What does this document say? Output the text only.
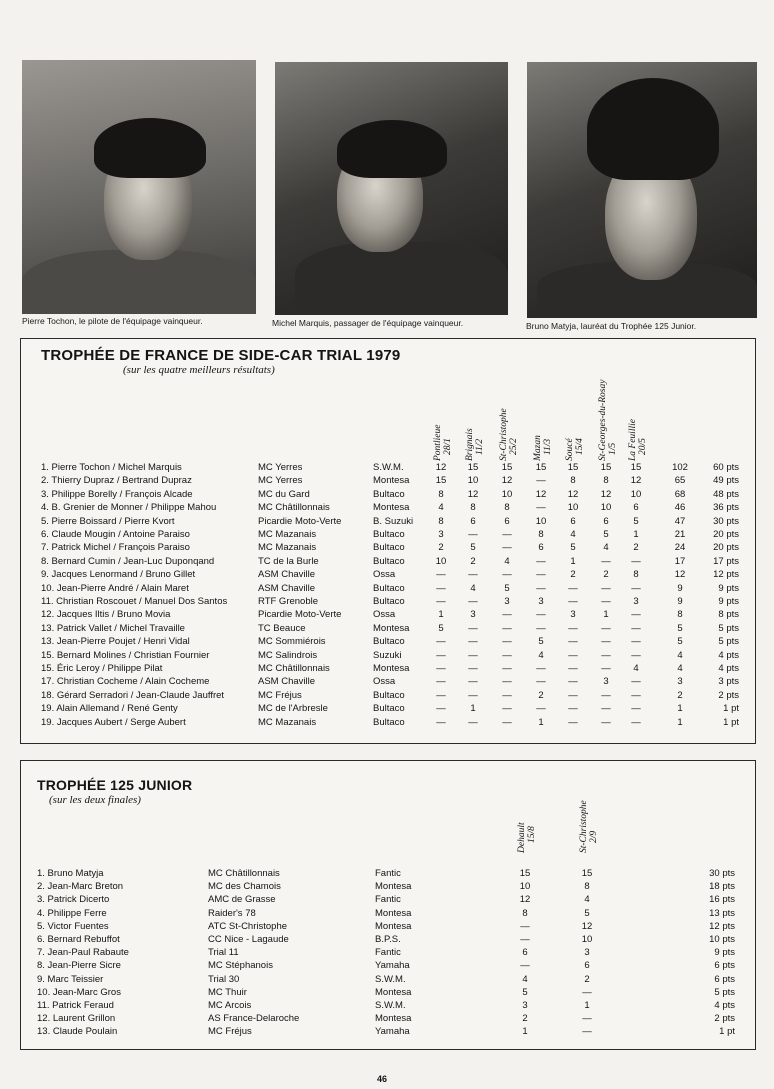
Pierre Tochon, le pilote de l'équipage vainqueur.	Michel Marquis, passager de l'équipage vainqueur.	Bruno Matyja, lauréat du Trophée 125 Junior.
TROPHÉE DE FRANCE DE SIDE-CAR TRIAL 1979
(sur les quatre meilleurs résultats)
Pontlieue 28/1 Brignais 11/2 St-Christophe 25/2 Mazan 11/3 Soucé 15/4 St-Georges-du-Rosay 1/5 La Feuillie 20/5
1. Pierre Tochon / Michel Marquis	MC Yerres	S.W.M.	12	15	15	15	15	15	15	102	60 pts
2. Thierry Dupraz / Bertrand Dupraz	MC Yerres	Montesa	15	10	12	—	8	8	12	65	49 pts
3. Philippe Borelly / François Alcade	MC du Gard	Bultaco	8	12	10	12	12	12	10	68	48 pts
4. B. Grenier de Monner / Philippe Mahou	MC Châtillonnais	Montesa	4	8	8	—	10	10	6	46	36 pts
5. Pierre Boissard / Pierre Kvort	Picardie Moto-Verte	B. Suzuki	8	6	6	10	6	6	5	47	30 pts
6. Claude Mougin / Antoine Paraiso	MC Mazanais	Bultaco	3	—	—	8	4	5	1	21	20 pts
7. Patrick Michel / François Paraiso	MC Mazanais	Bultaco	2	5	—	6	5	4	2	24	20 pts
8. Bernard Cumin / Jean-Luc Duponqand	TC de la Burle	Bultaco	10	2	4	—	1	—	—	17	17 pts
9. Jacques Lenormand / Bruno Gillet	ASM Chaville	Ossa	—	—	—	—	2	2	8	12	12 pts
10. Jean-Pierre André / Alain Maret	ASM Chaville	Bultaco	—	4	5	—	—	—	—	9	9 pts
11. Christian Roscouet / Manuel Dos Santos	RTF Grenoble	Bultaco	—	—	3	3	—	—	3	9	9 pts
12. Jacques Iltis / Bruno Movia	Picardie Moto-Verte	Ossa	1	3	—	—	3	1	—	8	8 pts
13. Patrick Vallet / Michel Travaille	TC Beauce	Montesa	5	—	—	—	—	—	—	5	5 pts
13. Jean-Pierre Poujet / Henri Vidal	MC Sommiérois	Bultaco	—	—	—	5	—	—	—	5	5 pts
15. Bernard Molines / Christian Fournier	MC Salindrois	Suzuki	—	—	—	4	—	—	—	4	4 pts
15. Éric Leroy / Philippe Pilat	MC Châtillonnais	Montesa	—	—	—	—	—	—	4	4	4 pts
17. Christian Cocheme / Alain Cocheme	ASM Chaville	Ossa	—	—	—	—	—	3	—	3	3 pts
18. Gérard Serradori / Jean-Claude Jauffret	MC Fréjus	Bultaco	—	—	—	2	—	—	—	2	2 pts
19. Alain Allemand / René Genty	MC de l'Arbresle	Bultaco	—	1	—	—	—	—	—	1	1 pt
19. Jacques Aubert / Serge Aubert	MC Mazanais	Bultaco	—	—	—	1	—	—	—	1	1 pt
TROPHÉE 125 JUNIOR
(sur les deux finales)
Dehault 15/8	St-Christophe 2/9
1. Bruno Matyja	MC Châtillonnais	Fantic	15	15	30 pts
2. Jean-Marc Breton	MC des Chamois	Montesa	10	8	18 pts
3. Patrick Dicerto	AMC de Grasse	Fantic	12	4	16 pts
4. Philippe Ferre	Raider's 78	Montesa	8	5	13 pts
5. Victor Fuentes	ATC St-Christophe	Montesa	—	12	12 pts
6. Bernard Rebuffot	CC Nice - Lagaude	B.P.S.	—	10	10 pts
7. Jean-Paul Rabaute	Trial 11	Fantic	6	3	9 pts
8. Jean-Pierre Sicre	MC Stéphanois	Yamaha	—	6	6 pts
9. Marc Teissier	Trial 30	S.W.M.	4	2	6 pts
10. Jean-Marc Gros	MC Thuir	Montesa	5	—	5 pts
11. Patrick Feraud	MC Arcois	S.W.M.	3	1	4 pts
12. Laurent Grillon	AS France-Delaroche	Montesa	2	—	2 pts
13. Claude Poulain	MC Fréjus	Yamaha	1	—	1 pt
46
